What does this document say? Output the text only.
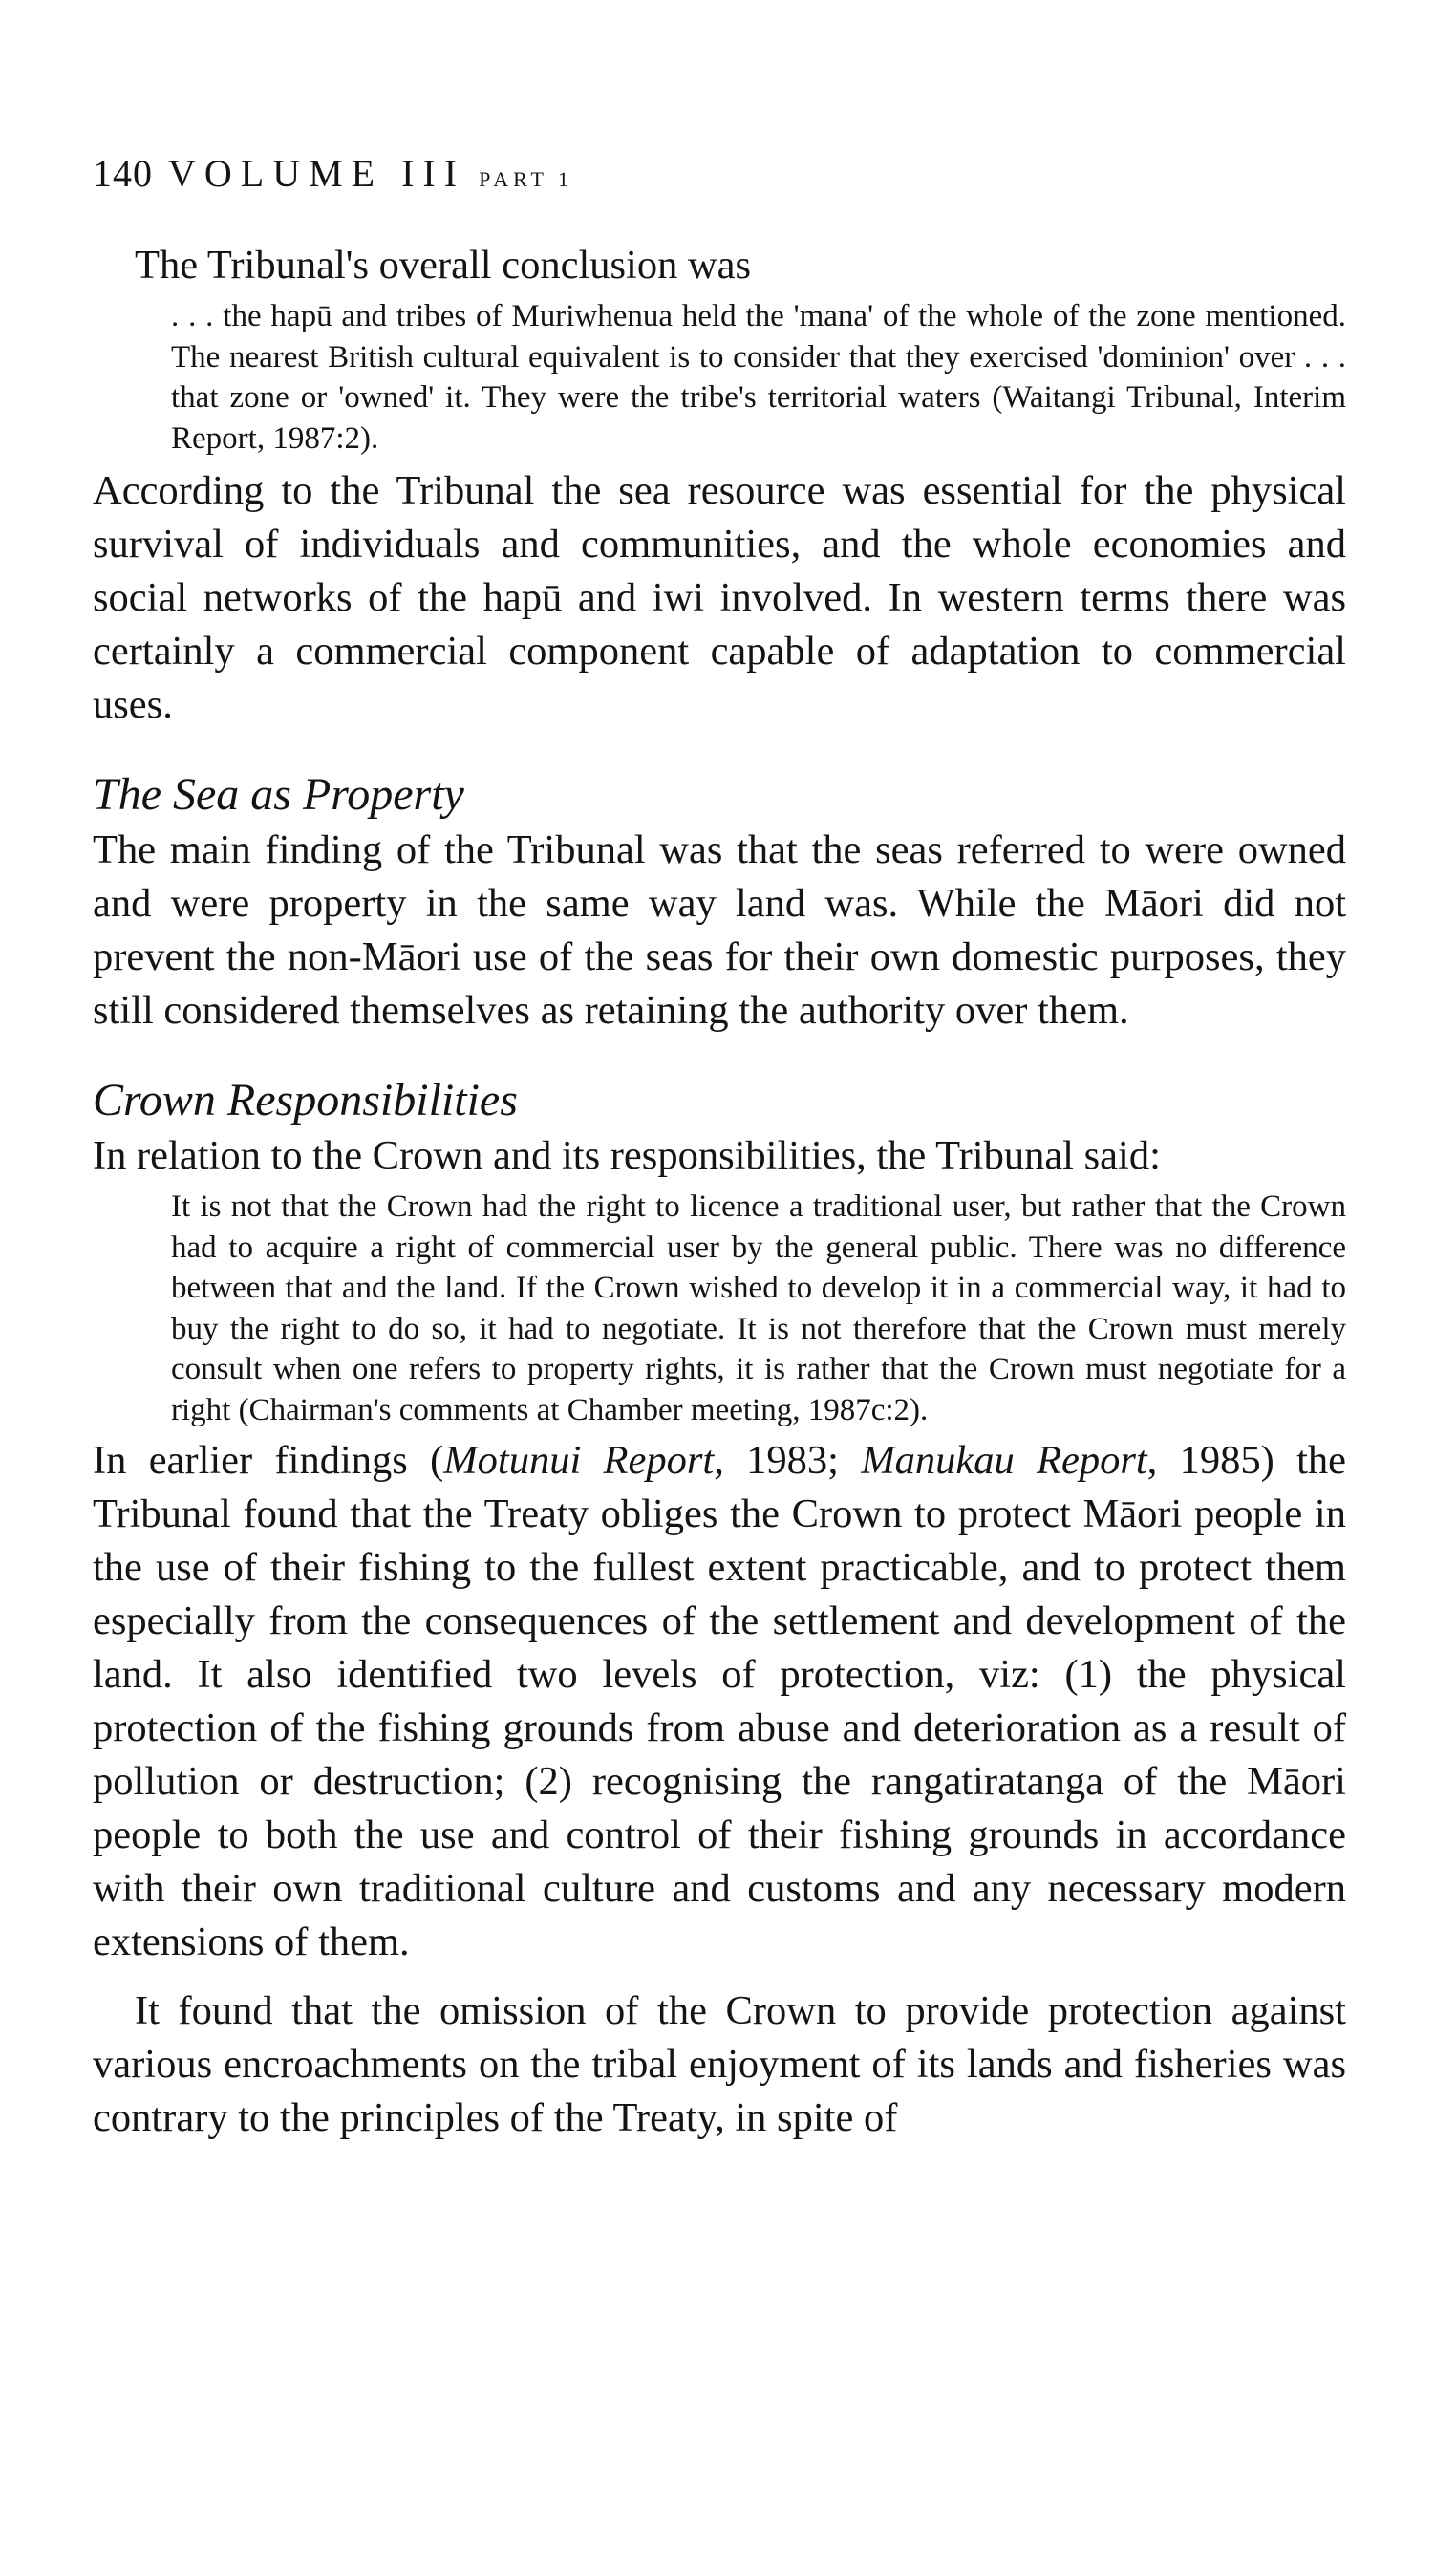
140 VOLUME III PART 1

The Tribunal's overall conclusion was

. . . the hapū and tribes of Muriwhenua held the 'mana' of the whole of the zone mentioned. The nearest British cultural equivalent is to consider that they exercised 'dominion' over . . . that zone or 'owned' it. They were the tribe's territorial waters (Waitangi Tribunal, Interim Report, 1987:2).

According to the Tribunal the sea resource was essential for the physical survival of individuals and communities, and the whole economies and social networks of the hapū and iwi involved. In western terms there was certainly a commercial component capable of adaptation to commercial uses.

The Sea as Property

The main finding of the Tribunal was that the seas referred to were owned and were property in the same way land was. While the Māori did not prevent the non-Māori use of the seas for their own domestic purposes, they still considered themselves as retaining the authority over them.

Crown Responsibilities

In relation to the Crown and its responsibilities, the Tribunal said:

It is not that the Crown had the right to licence a traditional user, but rather that the Crown had to acquire a right of commercial user by the general public. There was no difference between that and the land. If the Crown wished to develop it in a commercial way, it had to buy the right to do so, it had to negotiate. It is not therefore that the Crown must merely consult when one refers to property rights, it is rather that the Crown must negotiate for a right (Chairman's comments at Chamber meeting, 1987c:2).

In earlier findings (Motunui Report, 1983; Manukau Report, 1985) the Tribunal found that the Treaty obliges the Crown to protect Māori people in the use of their fishing to the fullest extent practicable, and to protect them especially from the consequences of the settlement and development of the land. It also identified two levels of protection, viz: (1) the physical protection of the fishing grounds from abuse and deterioration as a result of pollution or destruction; (2) recognising the rangatiratanga of the Māori people to both the use and control of their fishing grounds in accordance with their own traditional culture and customs and any necessary modern extensions of them.

It found that the omission of the Crown to provide protection against various encroachments on the tribal enjoyment of its lands and fisheries was contrary to the principles of the Treaty, in spite of
